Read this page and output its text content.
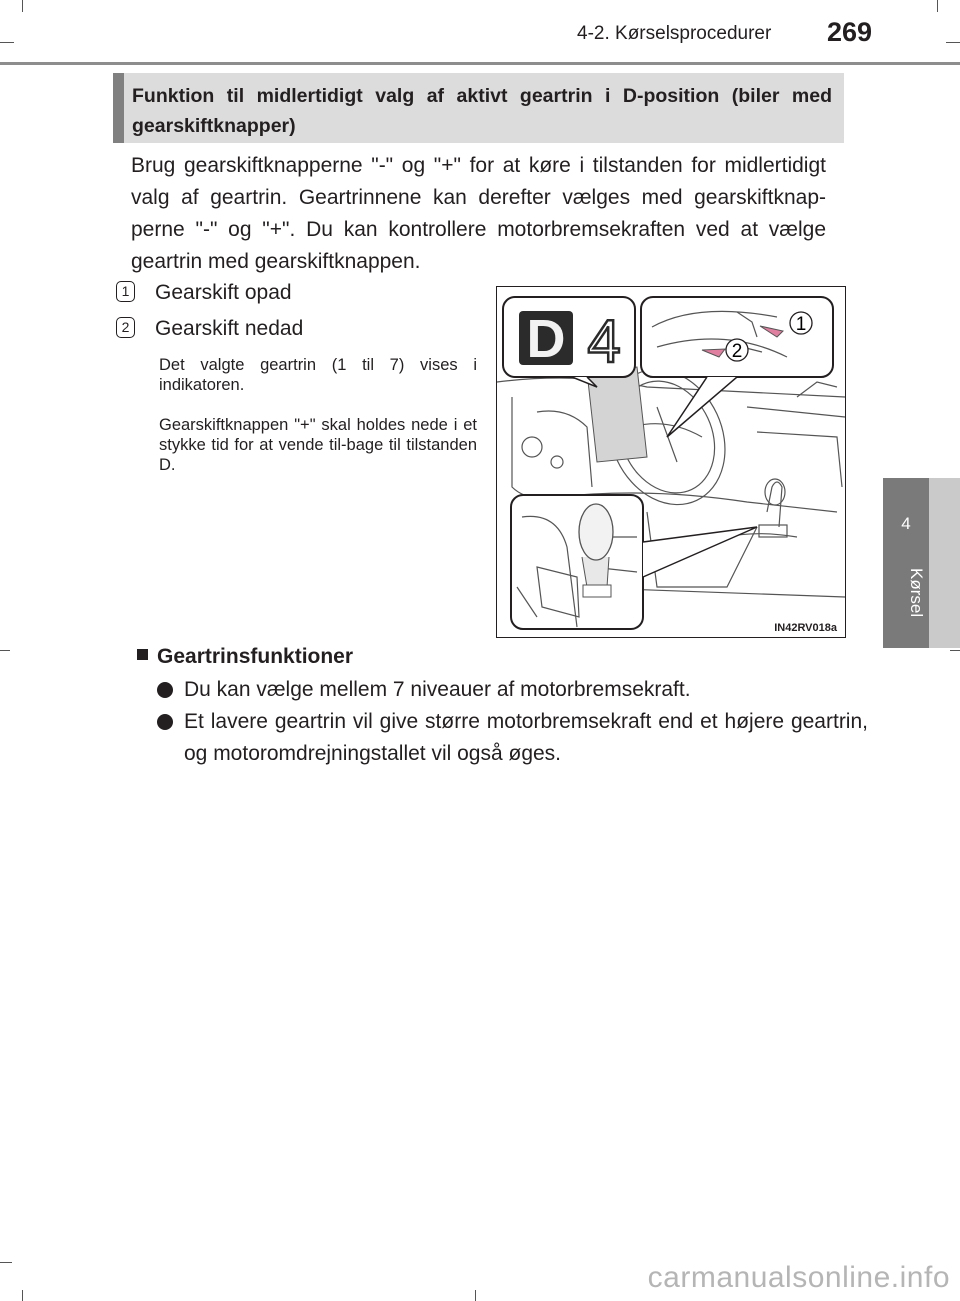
4-2. Kørselsprocedurer 269
4
Kørsel
Funktion til midlertidigt valg af aktivt geartrin i D-position (biler med gearskiftknapper)
Brug gearskiftknapperne "-" og "+" for at køre i tilstanden for midlertidigt valg af geartrin. Geartrinnene kan derefter vælges med gearskiftknap-perne "-" og "+". Du kan kontrollere motorbremsekraften ved at vælge geartrin med gearskiftknappen.
1 Gearskift opad
2 Gearskift nedad
Det valgte geartrin (1 til 7) vises i indikatoren.
Gearskiftknappen "+" skal holdes nede i et stykke tid for at vende til-bage til tilstanden D.
D 4	1
2
IN42RV018a
Geartrinsfunktioner
Du kan vælge mellem 7 niveauer af motorbremsekraft.
Et lavere geartrin vil give større motorbremsekraft end et højere geartrin, og motoromdrejningstallet vil også øges.
carmanualsonline.info
